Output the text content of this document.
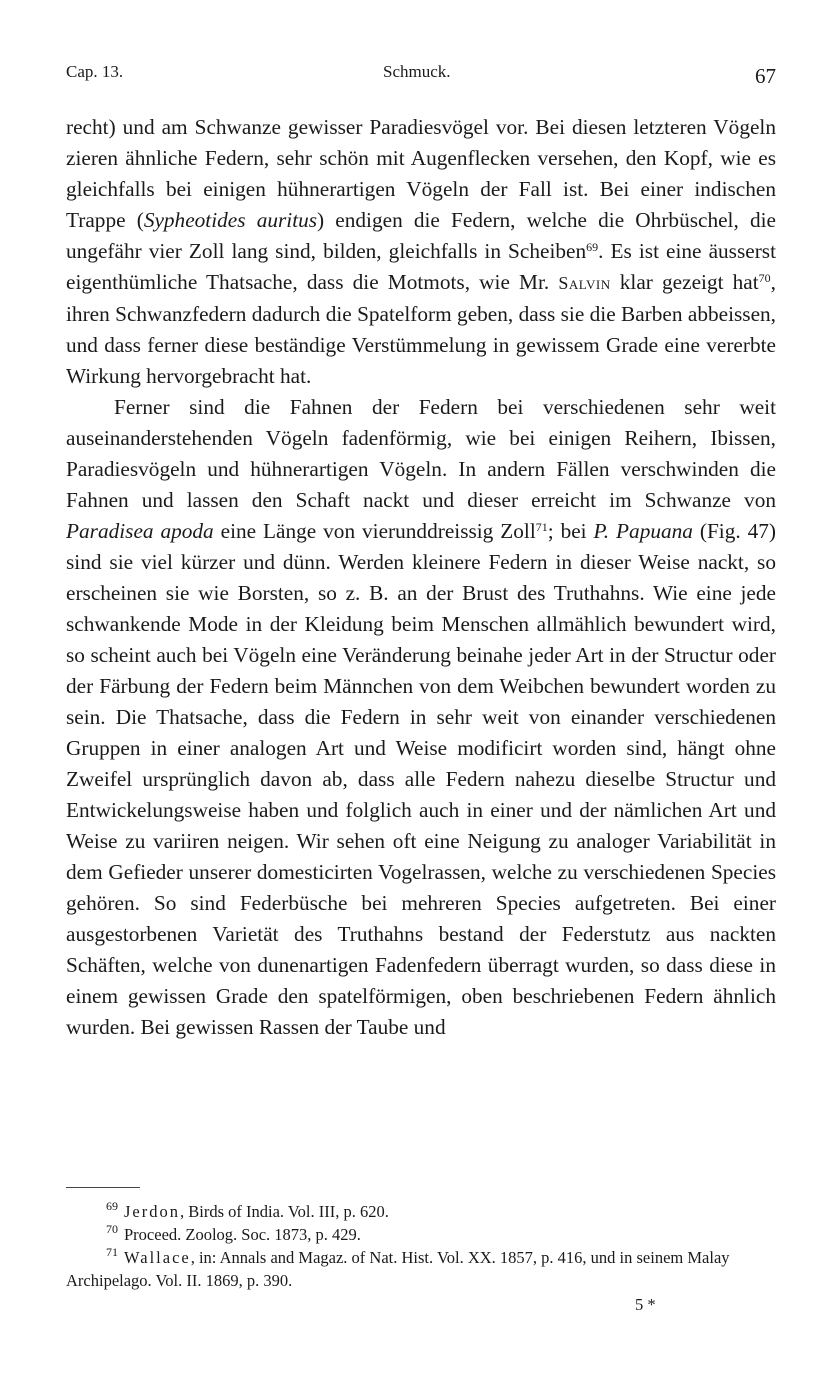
Cap. 13.	Schmuck.	67

recht) und am Schwanze gewisser Paradiesvögel vor. Bei diesen letzteren Vögeln zieren ähnliche Federn, sehr schön mit Augenflecken versehen, den Kopf, wie es gleichfalls bei einigen hühnerartigen Vögeln der Fall ist. Bei einer indischen Trappe (Sypheotides auritus) endigen die Federn, welche die Ohrbüschel, die ungefähr vier Zoll lang sind, bilden, gleichfalls in Scheiben$^{69}$. Es ist eine äusserst eigenthümliche Thatsache, dass die Motmots, wie Mr. Salvin klar gezeigt hat$^{70}$, ihren Schwanzfedern dadurch die Spatelform geben, dass sie die Barben abbeissen, und dass ferner diese beständige Verstümmelung in gewissem Grade eine vererbte Wirkung hervorgebracht hat.

Ferner sind die Fahnen der Federn bei verschiedenen sehr weit auseinanderstehenden Vögeln fadenförmig, wie bei einigen Reihern, Ibissen, Paradiesvögeln und hühnerartigen Vögeln. In andern Fällen verschwinden die Fahnen und lassen den Schaft nackt und dieser erreicht im Schwanze von Paradisea apoda eine Länge von vierunddreissig Zoll$^{71}$; bei P. Papuana (Fig. 47) sind sie viel kürzer und dünn. Werden kleinere Federn in dieser Weise nackt, so erscheinen sie wie Borsten, so z. B. an der Brust des Truthahns. Wie eine jede schwankende Mode in der Kleidung beim Menschen allmählich bewundert wird, so scheint auch bei Vögeln eine Veränderung beinahe jeder Art in der Structur oder der Färbung der Federn beim Männchen von dem Weibchen bewundert worden zu sein. Die Thatsache, dass die Federn in sehr weit von einander verschiedenen Gruppen in einer analogen Art und Weise modificirt worden sind, hängt ohne Zweifel ursprünglich davon ab, dass alle Federn nahezu dieselbe Structur und Entwickelungsweise haben und folglich auch in einer und der nämlichen Art und Weise zu variiren neigen. Wir sehen oft eine Neigung zu analoger Variabilität in dem Gefieder unserer domesticirten Vogelrassen, welche zu verschiedenen Species gehören. So sind Federbüsche bei mehreren Species aufgetreten. Bei einer ausgestorbenen Varietät des Truthahns bestand der Federstutz aus nackten Schäften, welche von dunenartigen Fadenfedern überragt wurden, so dass diese in einem gewissen Grade den spatelförmigen, oben beschriebenen Federn ähnlich wurden. Bei gewissen Rassen der Taube und

$^{69}$ Jerdon, Birds of India. Vol. III, p. 620.

$^{70}$ Proceed. Zoolog. Soc. 1873, p. 429.

$^{71}$ Wallace, in: Annals and Magaz. of Nat. Hist. Vol. XX. 1857, p. 416, und in seinem Malay Archipelago. Vol. II. 1869, p. 390.

5 *
